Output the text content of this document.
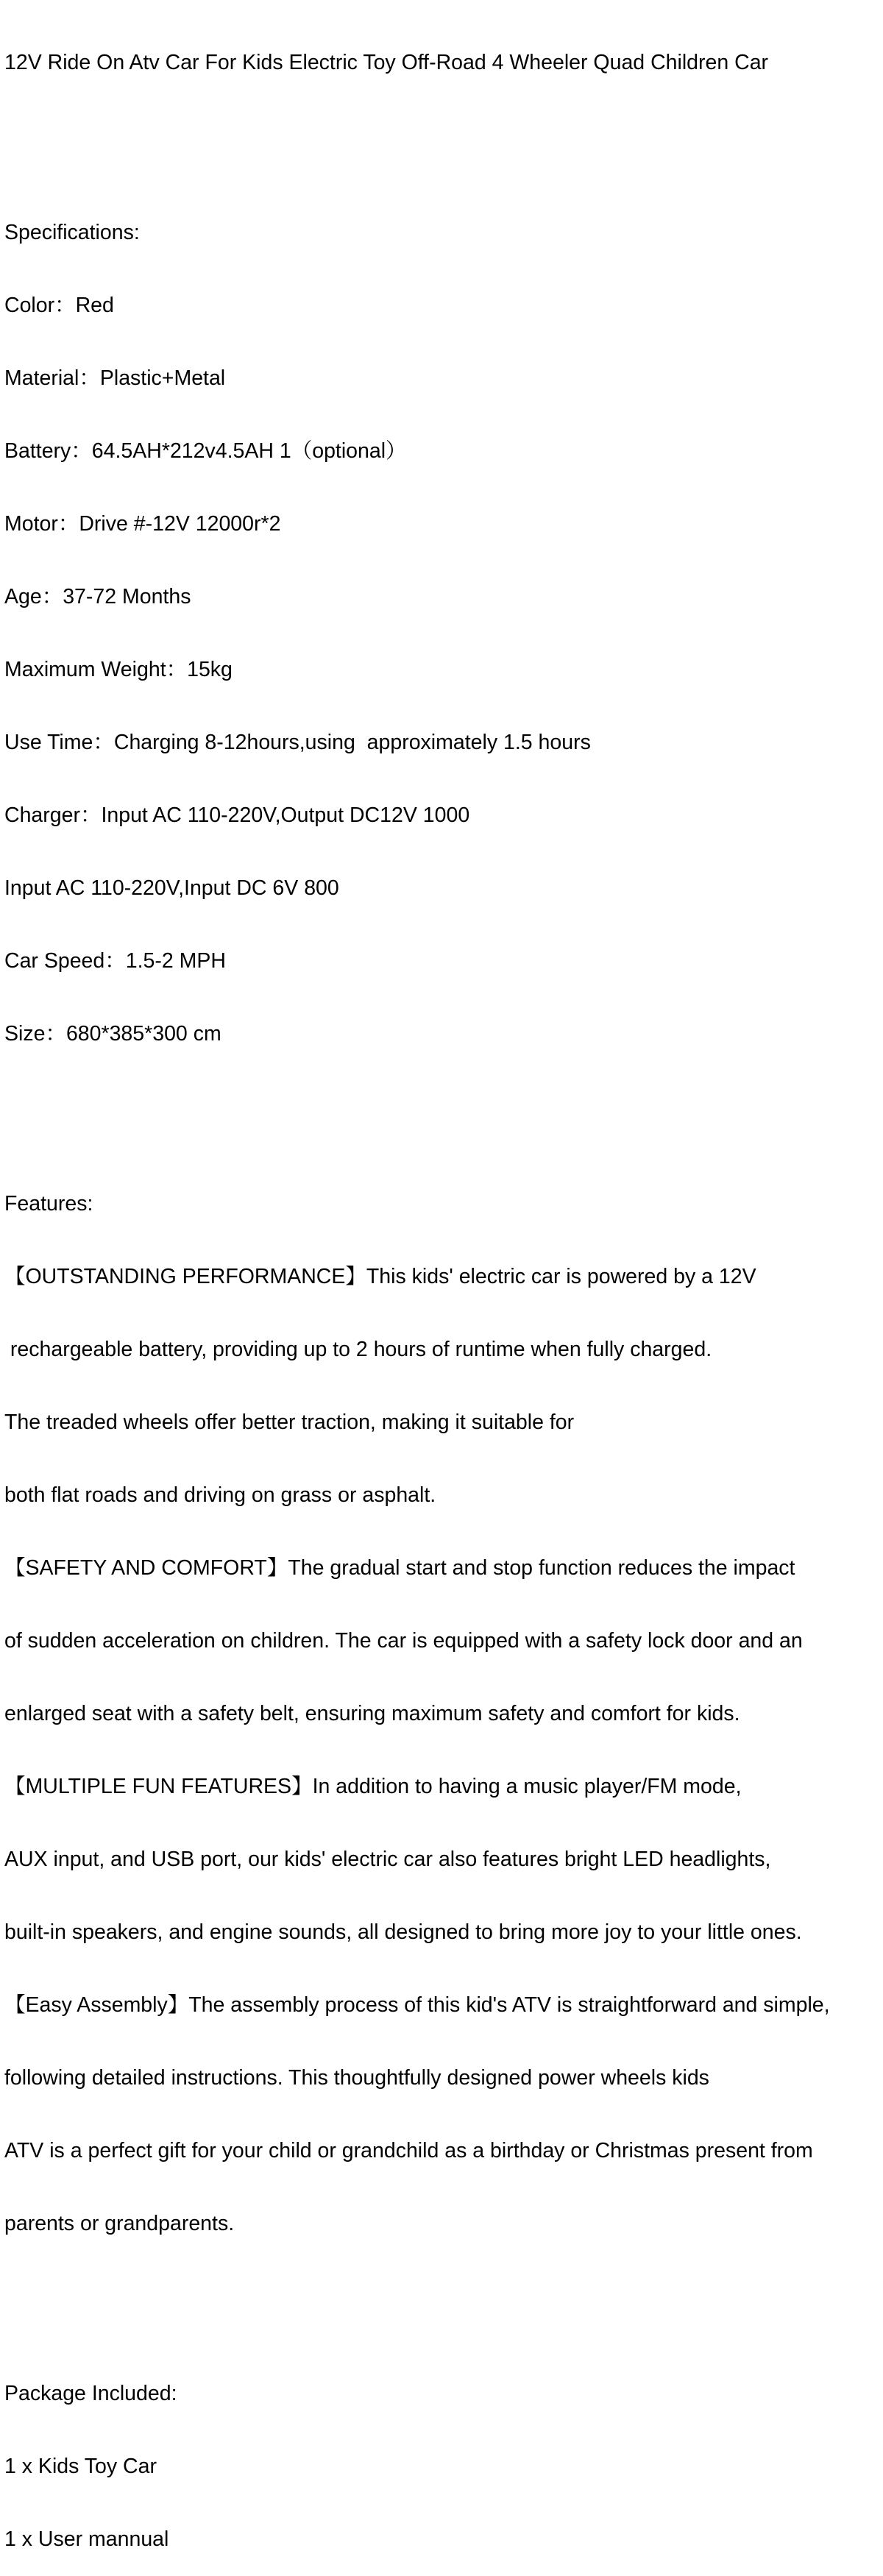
12V Ride On Atv Car For Kids Electric Toy Off-Road 4 Wheeler Quad Children Car

Specifications:

Color：Red

Material：Plastic+Metal

Battery：64.5AH*212v4.5AH 1（optional）

Motor：Drive #-12V 12000r*2

Age：37-72 Months

Maximum Weight：15kg

Use Time：Charging 8-12hours,using  approximately 1.5 hours

Charger：Input AC 110-220V,Output DC12V 1000

Input AC 110-220V,Input DC 6V 800

Car Speed：1.5-2 MPH

Size：680*385*300 cm

Features:

【OUTSTANDING PERFORMANCE】This kids' electric car is powered by a 12V

rechargeable battery, providing up to 2 hours of runtime when fully charged.

The treaded wheels offer better traction, making it suitable for

both flat roads and driving on grass or asphalt.

【SAFETY AND COMFORT】The gradual start and stop function reduces the impact

of sudden acceleration on children. The car is equipped with a safety lock door and an

enlarged seat with a safety belt, ensuring maximum safety and comfort for kids.

【MULTIPLE FUN FEATURES】In addition to having a music player/FM mode,

AUX input, and USB port, our kids' electric car also features bright LED headlights,

built-in speakers, and engine sounds, all designed to bring more joy to your little ones.

【Easy Assembly】The assembly process of this kid's ATV is straightforward and simple,

following detailed instructions. This thoughtfully designed power wheels kids

ATV is a perfect gift for your child or grandchild as a birthday or Christmas present from

parents or grandparents.

Package Included:

1 x Kids Toy Car

1 x User mannual
